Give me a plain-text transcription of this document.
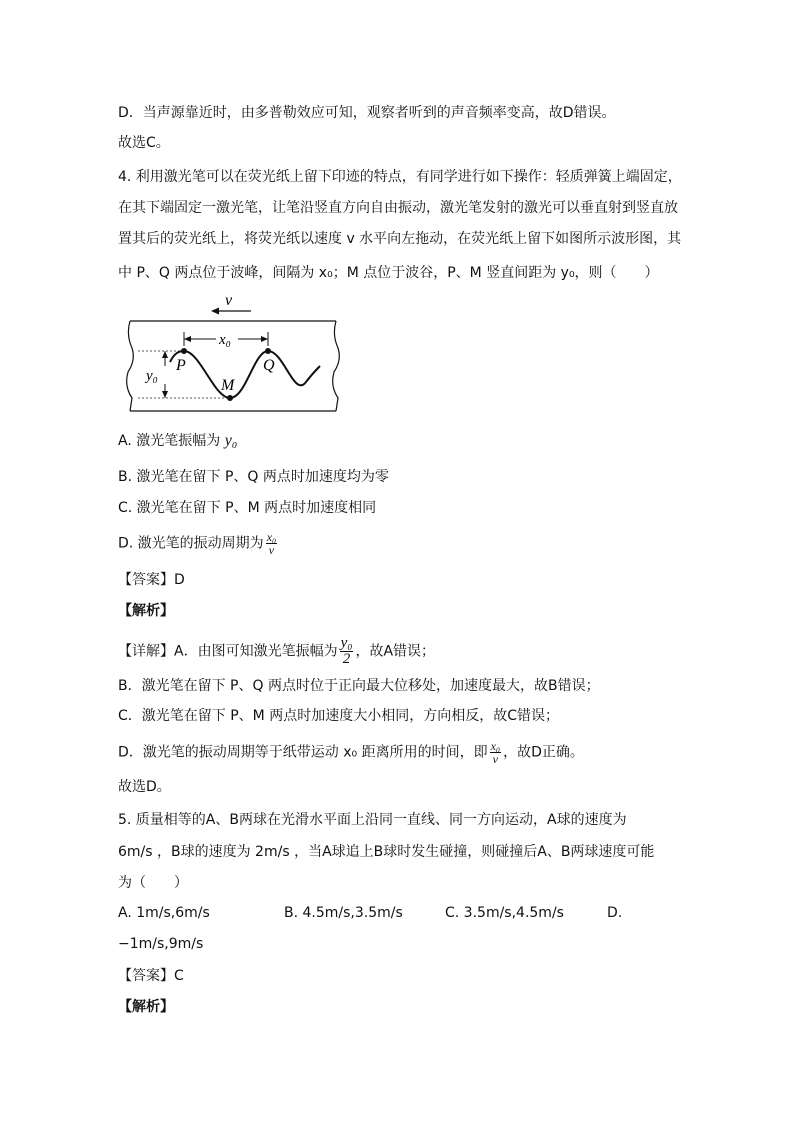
D．当声源靠近时，由多普勒效应可知，观察者听到的声音频率变高，故D错误。
故选C。
4. 利用激光笔可以在荧光纸上留下印迹的特点，有同学进行如下操作：轻质弹簧上端固定，
在其下端固定一激光笔，让笔沿竖直方向自由振动，激光笔发射的激光可以垂直射到竖直放
置其后的荧光纸上，将荧光纸以速度 v 水平向左拖动，在荧光纸上留下如图所示波形图，其
中 P、Q 两点位于波峰，间隔为 x₀；M 点位于波谷，P、M 竖直间距为 y₀，则（　　）
v
x₀
y₀
P	Q
M
A. 激光笔振幅为 y₀
B. 激光笔在留下 P、Q 两点时加速度均为零
C. 激光笔在留下 P、M 两点时加速度相同
D. 激光笔的振动周期为 $\frac{\text{x₀}}{v}$
【答案】D
【解析】
【详解】A．由图可知激光笔振幅为 $\frac{\text{y₀}}{2}$ ，故A错误；
B．激光笔在留下 P、Q 两点时位于正向最大位移处，加速度最大，故B错误；
C．激光笔在留下 P、M 两点时加速度大小相同，方向相反，故C错误；
D．激光笔的振动周期等于纸带运动 x₀ 距离所用的时间，即 $\frac{\text{x₀}}{v}$ ，故D正确。
故选D。
5. 质量相等的A、B两球在光滑水平面上沿同一直线、同一方向运动，A球的速度为
6m/s ，B球的速度为 2m/s ，当A球追上B球时发生碰撞，则碰撞后A、B两球速度可能
为（　　）
A. 1m/s,6m/s	B. 4.5m/s,3.5m/s	C. 3.5m/s,4.5m/s	D.
−1m/s,9m/s
【答案】C
【解析】
